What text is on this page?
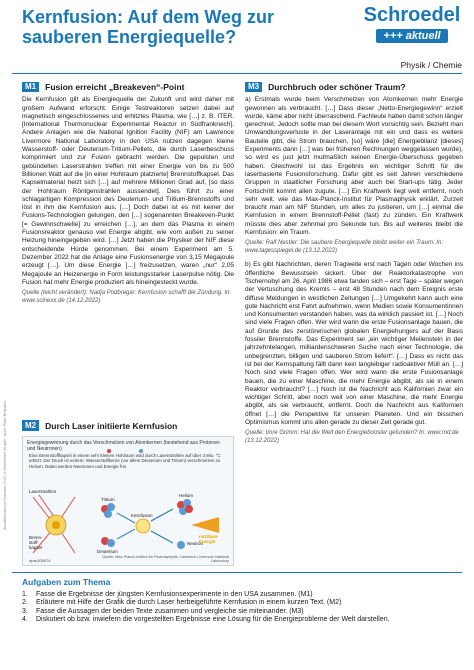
Aktualitätenservice Dezember 2022 | © Westermann Gruppe · Autor: Ralph Bergmann
Kernfusion: Auf dem Weg zur sauberen Energiequelle?
Schroedel
+++ aktuell
Physik / Chemie
M1	Fusion erreicht „Breakeven“-Point

Die Kernfusion gilt als Energiequelle der Zukunft und wird daher mit großem Aufwand erforscht. Einige Testreaktoren setzen dabei auf magnetisch eingeschlossenes und erhitztes Plasma, wie […] z. B. ITER. [International Thermonuclear Experimental Reactor in Südfrankreich]. Andere Anlagen wie die National Ignition Facility (NIF) am Lawrence Livermore National Laboratory in den USA nutzen dagegen kleine Wasserstoff- oder Deuterium-Tritium-Pellets, die durch Laserbeschuss komprimiert und zur Fusion gebracht werden. Die gepulsten und gebündelten Laserstrahlen treffen mit einer Energie von bis zu 500 Billionen Watt auf die [in einer Hohlraum platzierte] Brennstoffkapsel. Das Kapselmaterial heizt sich […] auf mehrere Millionen Grad auf, [so dass der Hohlraum Röntgenstrahlen aussendet]. Dies führt zu einer schlagartigen Kompression des Deuterium- und Tritium-Brennstoffs und löst in ihm die Kernfusion aus. […] Doch dabei ist es mit keiner der Fusions-Technologien gelungen, den […] sogenannten Breakeven-Punkt [= Gewinnschwelle] zu erreichen […], an dem das Plasma in einem Fusionsreaktor genauso viel Energie abgibt, wie vom außen zu seiner Heizung hineingegeben wird. […] Jetzt haben die Physiker der NIF diese entscheidende Hürde genommen: Bei einem Experiment am 5. Dezember 2022 hat die Anlage eine Fusionsenergie von 3,15 Megajoule erzeugt […]. Um diese Energie […] freizusetzen, waren „nur“ 2,05 Megajoule an Heizenergie in Form leistungsstarker Laserpulse nötig. Die Fusion hat mehr Energie produziert als hineingesteckt wurde.

Quelle (leicht verändert): Nadja Podbregar: Kernfusion schafft die Zündung. In: www.scinexx.de (14.12.2022)

M2	Durch Laser initiierte Kernfusion
Energiegewinnung durch das Verschmelzen von Atomkernen (bestehend aus Protonen und Neutronen)
Eine Brennstoffkapsel in einem sehr kleinen Hohlraum wird durch Laserstrahlen auf über 3 Mio. °C erhitzt. Der Druck ist extrem: Wasserstoffkerne (vor allem Deuterium und Tritium) verschmelzen zu Helium. Dabei werden Neutronen und Energie frei.
Laserstrahlen
Brenn-stoff-kapsel
Tritium
Deuterium
Kernfusion
Helium
Neutron
nutzbare Energie
dpa•105074
Quelle: Max-Planck-Institut für Plasmaphysik, Lawrence Livermore National Laboratory
M3	Durchbruch oder schöner Traum?

a) Erstmals wurde beim Verschmelzen von Atomkernen mehr Energie gewonnen als verbraucht. […] Dass dieser „Netto-Energiegewinn“ erzielt wurde, käme aber nicht überraschend. Fachleute haben damit schon länger gerechnet. Jedoch sollte man bei diesem Wort vorsichtig sein. Bezieht man Umwandlungsverluste in der Laseranlage mit ein und dass es weitere Bauteile gibt, die Strom brauchen, [so] wäre [die] Energiebilanz [dieses] Experiments dann […] was bei früheren Rechnungen weggelassen wurde), so wird es just jetzt mutmaßlich keinen Energie-Überschuss gegeben haben. Gleichwohl ist das Ergebnis ein wichtiger Schritt für die laserbasierte Fusionsforschung. Dafür gibt es seit Jahren verschiedene Gruppen in staatlicher Forschung aber auch bei Start-ups tätig. Jeder Fortschritt kommt allen zugute. […] Ein Kraftwerk liegt weit entfernt, noch sehr weit, wie das Max-Planck-Institut für Plasmaphysik erklärt. Zurzeit braucht man am NIF Stunden, um alles zu justieren, um […] einmal die Kernfusion in einem Brennstoff-Pellet (fast) zu zünden. Ein Kraftwerk müsste dies aber zehnmal pro Sekunde tun. Bis auf weiteres bleibt die Kernfusion: ein Traum.

Quelle: Ralf Nestler: Die saubere Energiequelle bleibt weiter ein Traum. In: www.tagesspiegel.de (13.12.2022)

b) Es gibt Nachrichten, deren Tragweite erst nach Tagen oder Wochen ins öffentliche Bewusstsein sickert. Über der Reaktorkatastrophe von Tschernobyl am 26. April 1986 etwa fanden sich – erst Tage – später wegen der Vertuschung des Kremls – erst 48 Stunden nach dem Ereignis erste diffuse Meldungen in westlichen Zeitungen […] Umgekehrt kann auch eine gute Nachricht erst Fahrt aufnehmen, wenn Medien sowie Konsumentinnen und Konsumenten verstanden haben, was da wirklich passiert ist. […] Noch sind viele Fragen offen. Wer wird wann die erste Fusionsanlage bauen, die auf Grunde des zerstörerischen globalen Energiehungers auf der Basis fossiler Brennstoffe. Das Experiment sei „ein wichtiger Meilenstein in der jahrzehntelangen, milliardenschweren Suche nach einer Technologie, die unbegrenzten, billigen und sauberen Strom liefert“. […] Dass es nicht das ist bei der Kernspaltung fällt dann kein langlebiger radioaktiver Müll an. […] Noch sind viele Fragen offen. Wer wird wann die erste Fusionsanlage bauen, die zu einer Maschine, die mehr Energie abgibt, als sie in einem Reaktor verbraucht? […] Noch ist die Nachricht aus Kalifornien zwar ein wichtiger Schritt, aber noch weit von einer Maschine, die mehr Energie abgibt, als sie verbraucht, entfernt. Doch die Nachricht aus Kalifornien öffnet […] die Perspektive für unseren Planeten. Und ein bisschen Optimismus kommt uns allen gerade zu dieser Zeit gerade gut.

Quelle: Imre Grimm: Hat die Welt den Energiebooster gefunden? In: www.rnd.de (13.12.2022)

Aufgaben zum Thema
1.	Fasse die Ergebnisse der jüngsten Kernfusionsexperimente in den USA zusammen. (M1)
2.	Erläutere mit Hilfe der Grafik die durch Laser herbeigeführte Kernfusion in einem kurzen Text. (M2)
3.	Fasse die Aussagen der beiden Texte zusammen und vergleiche sie miteinander. (M3)
4.	Diskutiert ob bzw. inwiefern die vorgestellten Ergebnisse eine Lösung für die Energieprobleme der Welt darstellen.
